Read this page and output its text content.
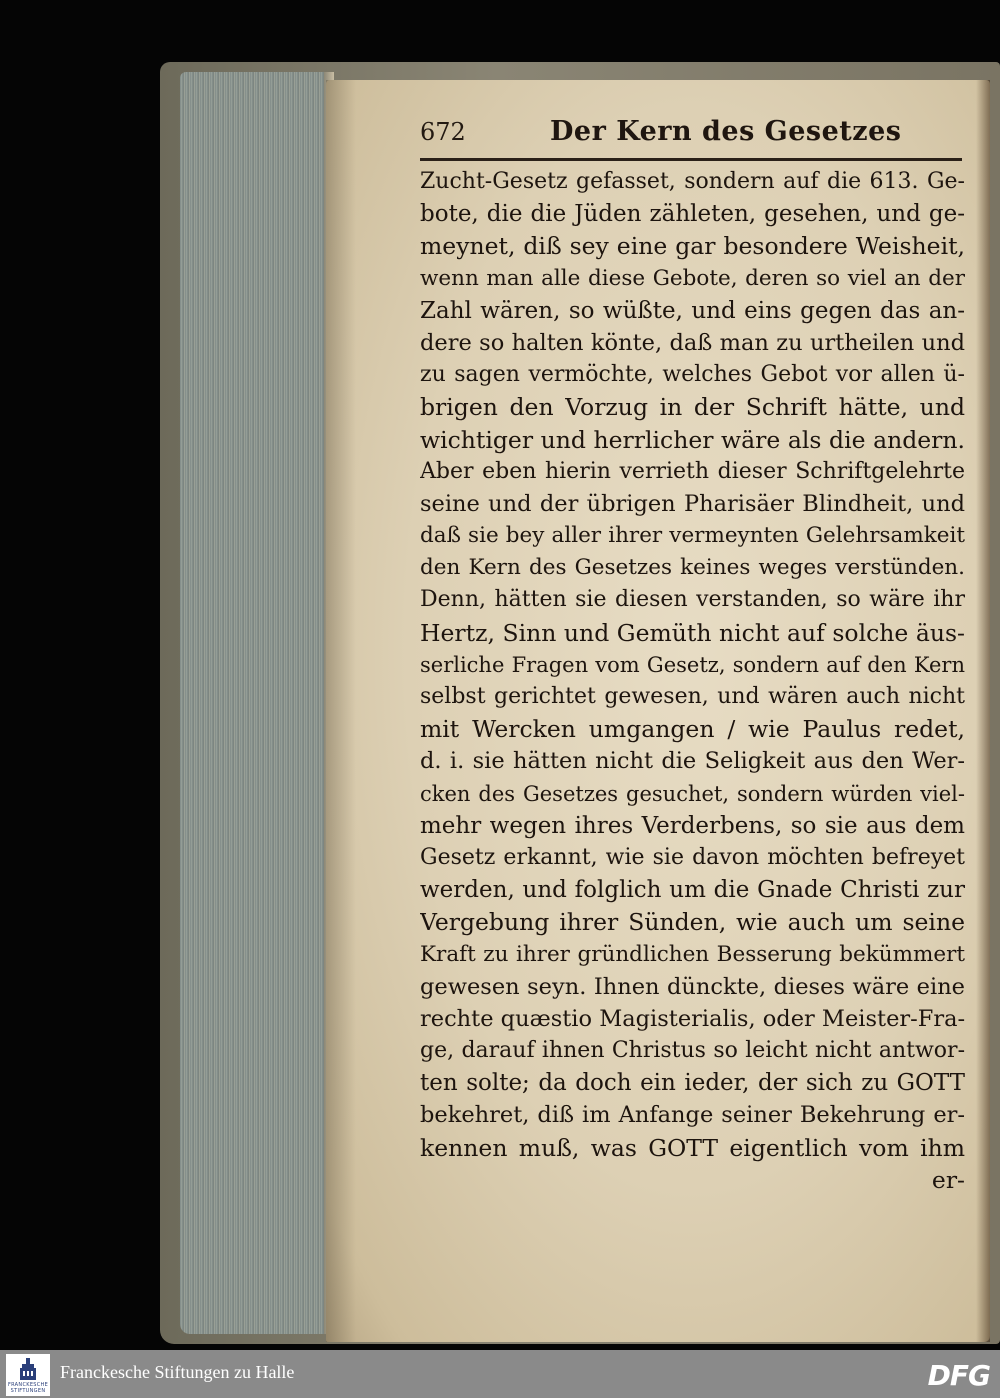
672	Der Kern des Gesetzes
Zucht-Gesetz gefasset, sondern auf die 613. Ge-
bote, die die Jüden zähleten, gesehen, und ge-
meynet, diß sey eine gar besondere Weisheit,
wenn man alle diese Gebote, deren so viel an der
Zahl wären, so wüßte, und eins gegen das an-
dere so halten könte, daß man zu urtheilen und
zu sagen vermöchte, welches Gebot vor allen ü-
brigen den Vorzug in der Schrift hätte, und
wichtiger und herrlicher wäre als die andern.
Aber eben hierin verrieth dieser Schriftgelehrte
seine und der übrigen Pharisäer Blindheit, und
daß sie bey aller ihrer vermeynten Gelehrsamkeit
den Kern des Gesetzes keines weges verstünden.
Denn, hätten sie diesen verstanden, so wäre ihr
Hertz, Sinn und Gemüth nicht auf solche äus-
serliche Fragen vom Gesetz, sondern auf den Kern
selbst gerichtet gewesen, und wären auch nicht
mit Wercken umgangen / wie Paulus redet,
d. i. sie hätten nicht die Seligkeit aus den Wer-
cken des Gesetzes gesuchet, sondern würden viel-
mehr wegen ihres Verderbens, so sie aus dem
Gesetz erkannt, wie sie davon möchten befreyet
werden, und folglich um die Gnade Christi zur
Vergebung ihrer Sünden, wie auch um seine
Kraft zu ihrer gründlichen Besserung bekümmert
gewesen seyn. Ihnen dünckte, dieses wäre eine
rechte quæstio Magisterialis, oder Meister-Fra-
ge, darauf ihnen Christus so leicht nicht antwor-
ten solte; da doch ein ieder, der sich zu GOTT
bekehret, diß im Anfange seiner Bekehrung er-
kennen muß, was GOTT eigentlich vom ihm
er-
FRANCKESCHE STIFTUNGEN
Franckesche Stiftungen zu Halle	DFG
